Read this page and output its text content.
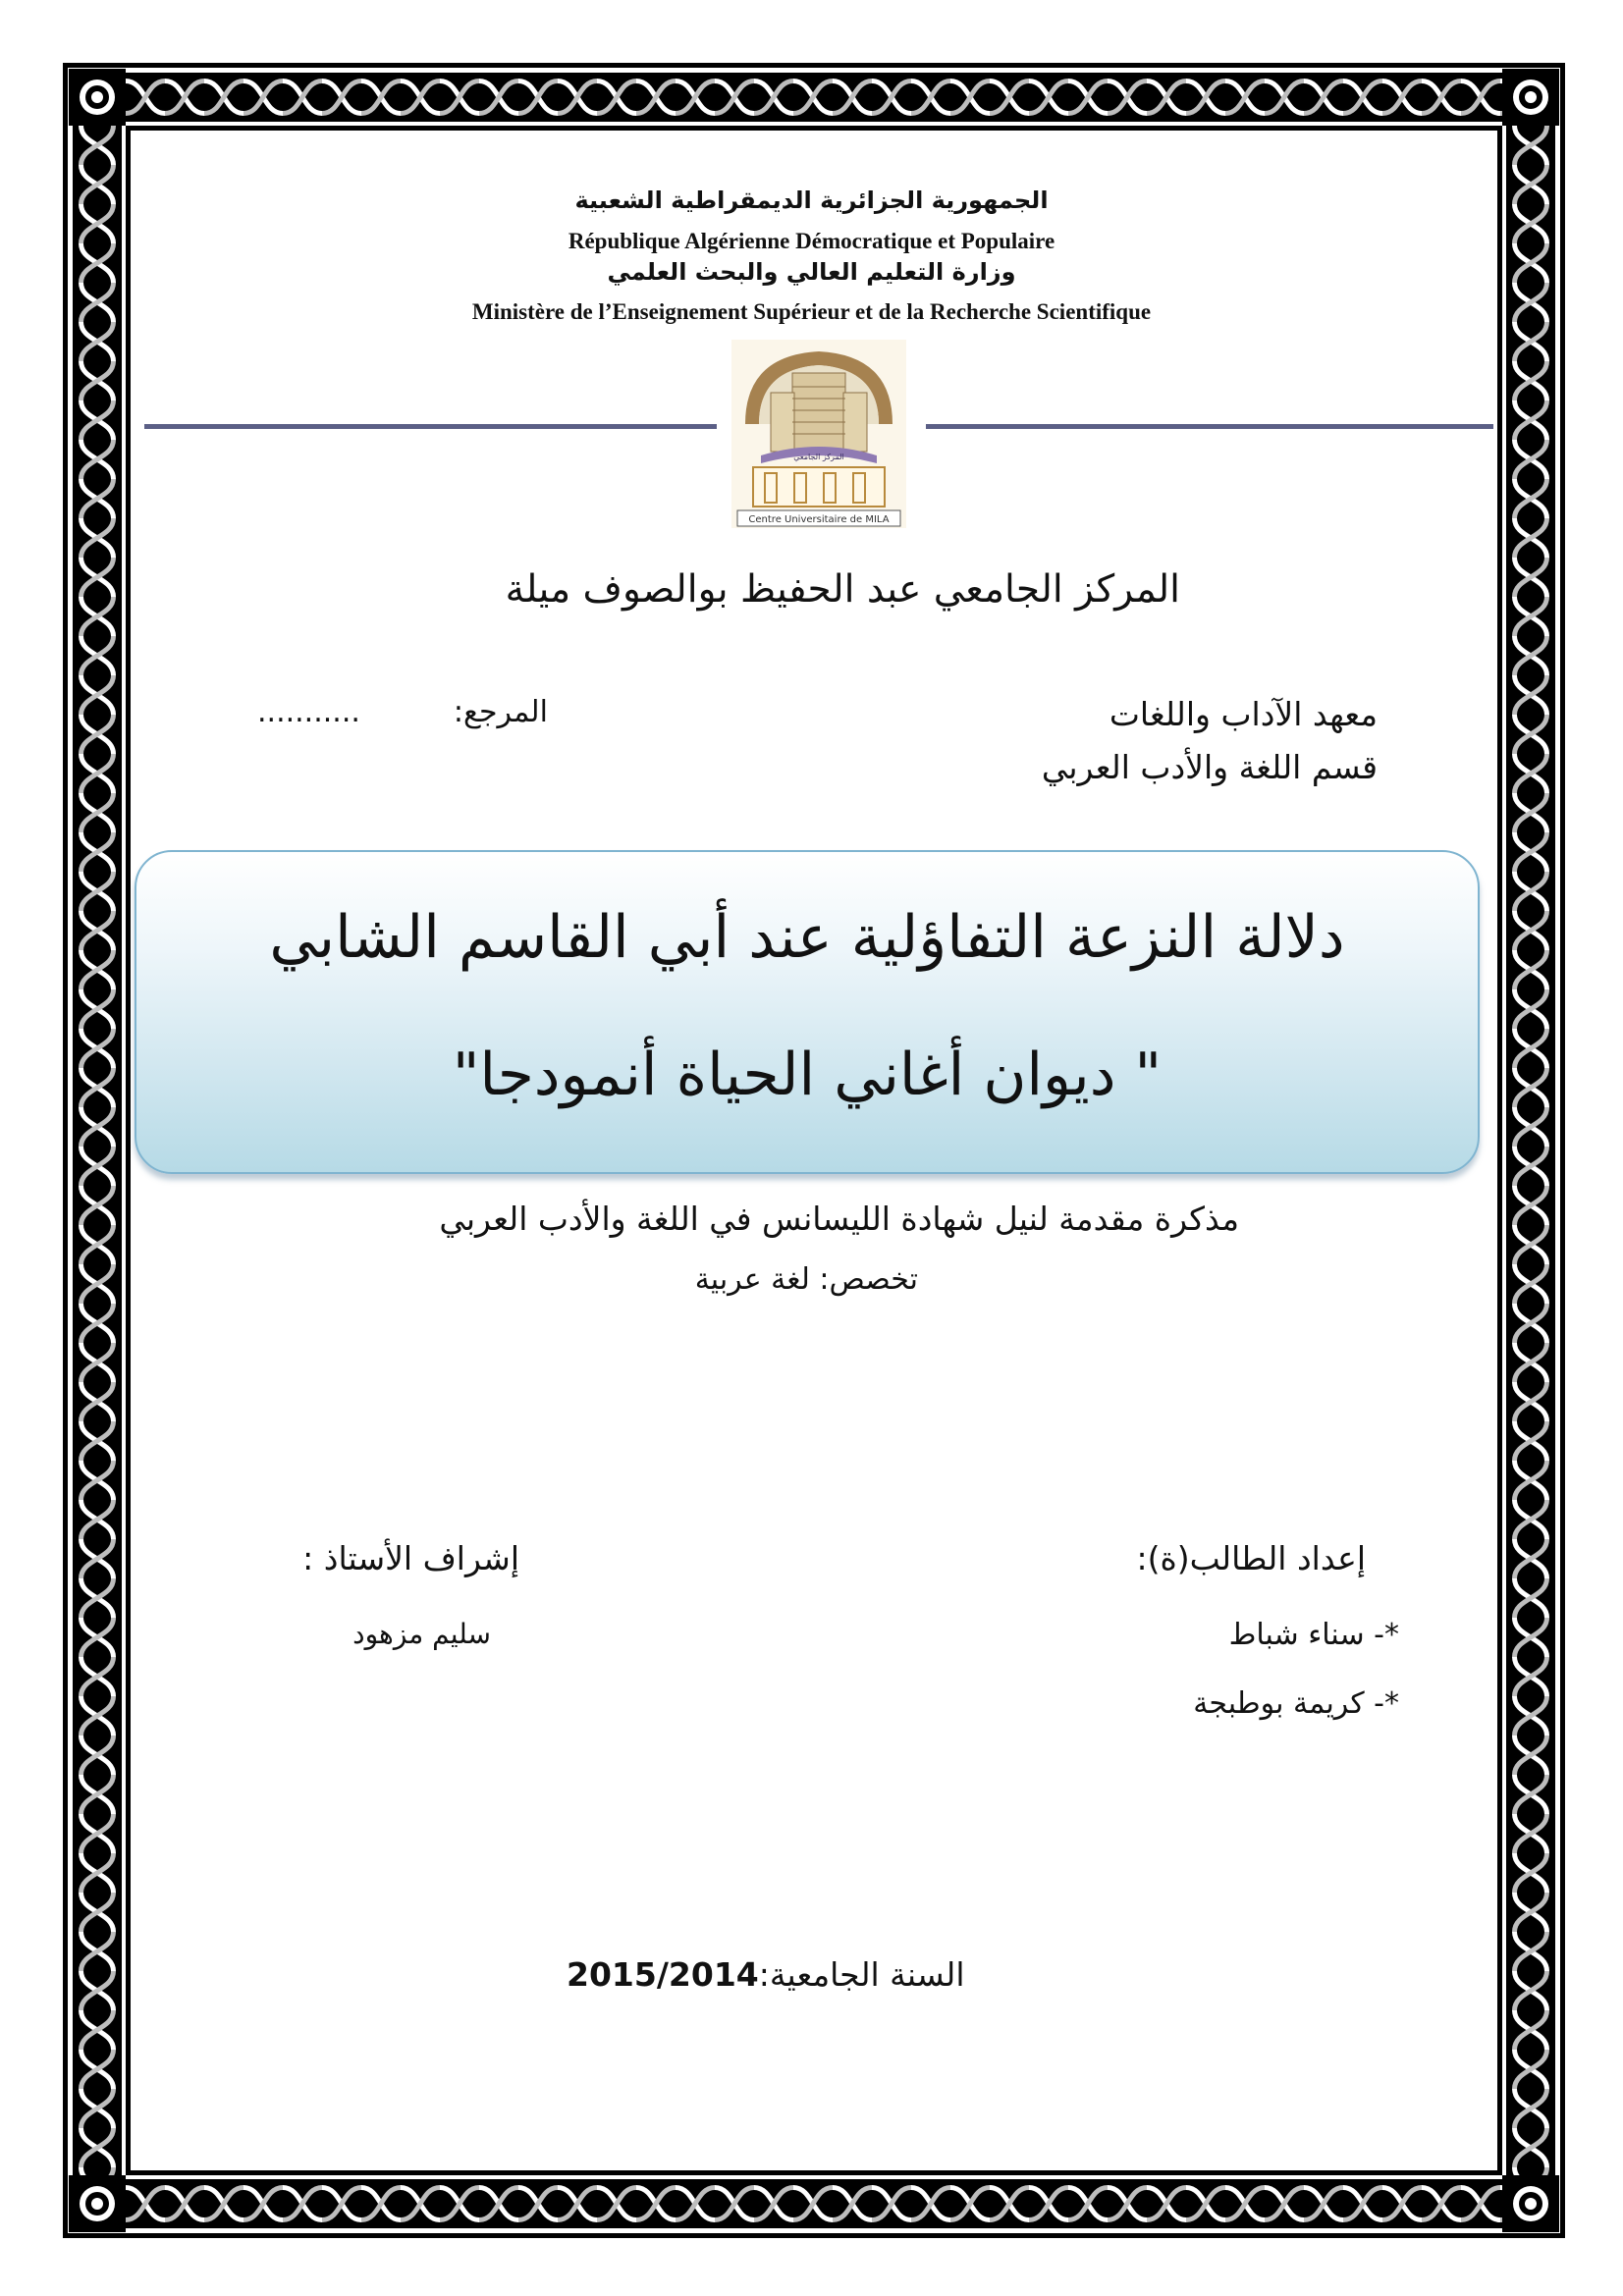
ﺍﻟﺠﻤﻬﻮﺭﻳﺔ ﺍﻟﺠﺰﺍﺋﺮﻳﺔ ﺍﻟﺪﻳﻤﻘﺮﺍﻃﻴﺔ ﺍﻟﺸﻌﺒﻴﺔ
République Algérienne Démocratique et Populaire
ﻭﺯﺍﺭﺓ ﺍﻟﺘﻌﻠﻴﻢ ﺍﻟﻌﺎﻟﻲ ﻭﺍﻟﺒﺤﺚ ﺍﻟﻌﻠﻤﻲ
Ministère de l’Enseignement Supérieur et de la Recherche Scientifique
المركز الجامعي
Centre Universitaire de MILA
المركز الجامعي عبد الحفيظ بوالصوف ميلة
معهد الآداب واللغات
قسم اللغة والأدب العربي
...........	المرجع:
دلالة النزعة التفاؤلية عند أبي القاسم الشابي
" ديوان أغاني الحياة أنمودجا"
مذكرة مقدمة لنيل شهادة الليسانس في اللغة والأدب العربي
تخصص: لغة عربية
إعداد الطالب(ة):
*- سناء شباط
*- كريمة بوطبجة
إشراف الأستاذ :
سليم مزهود
2015/2014السنة الجامعية:
